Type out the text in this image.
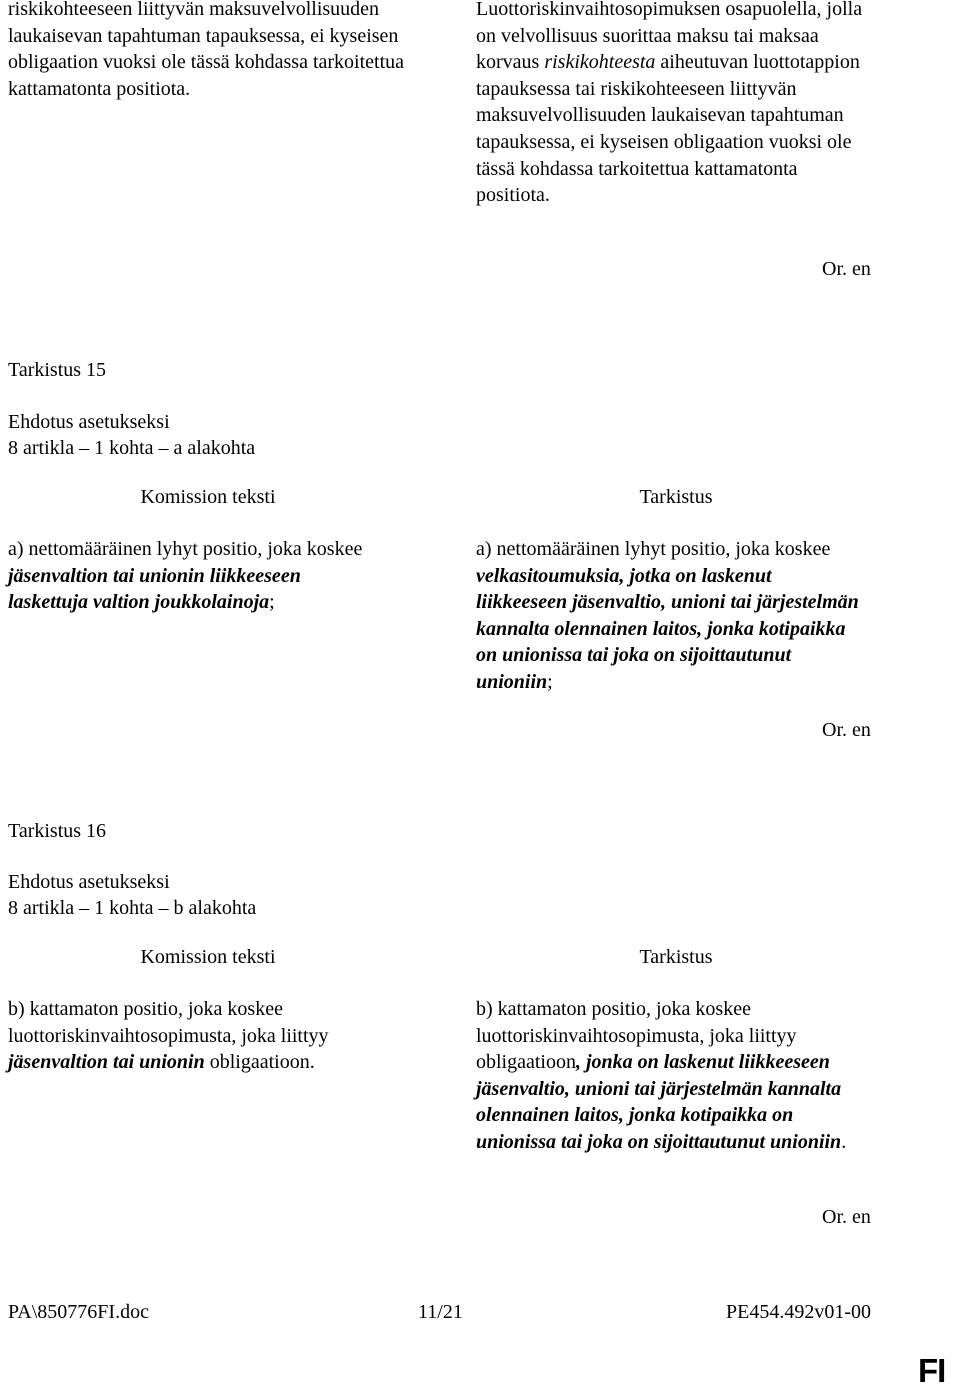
riskikohteeseen liittyvän maksuvelvollisuuden laukaisevan tapahtuman tapauksessa, ei kyseisen obligaation vuoksi ole tässä kohdassa tarkoitettua kattamatonta positiota.

Luottoriskinvaihtosopimuksen osapuolella, jolla on velvollisuus suorittaa maksu tai maksaa korvaus riskikohteesta aiheutuvan luottotappion tapauksessa tai riskikohteeseen liittyvän maksuvelvollisuuden laukaisevan tapahtuman tapauksessa, ei kyseisen obligaation vuoksi ole tässä kohdassa tarkoitettua kattamatonta positiota.

Or. en
Tarkistus 15
Ehdotus asetukseksi
8 artikla – 1 kohta – a alakohta
Komission teksti	Tarkistus

a) nettomääräinen lyhyt positio, joka koskee jäsenvaltion tai unionin liikkeeseen laskettuja valtion joukkolainoja;

a) nettomääräinen lyhyt positio, joka koskee velkasitoumuksia, jotka on laskenut liikkeeseen jäsenvaltio, unioni tai järjestelmän kannalta olennainen laitos, jonka kotipaikka on unionissa tai joka on sijoittautunut unioniin;

Or. en
Tarkistus 16
Ehdotus asetukseksi
8 artikla – 1 kohta – b alakohta
Komission teksti	Tarkistus

b) kattamaton positio, joka koskee luottoriskinvaihtosopimusta, joka liittyy jäsenvaltion tai unionin obligaatioon.

b) kattamaton positio, joka koskee luottoriskinvaihtosopimusta, joka liittyy obligaatioon, jonka on laskenut liikkeeseen jäsenvaltio, unioni tai järjestelmän kannalta olennainen laitos, jonka kotipaikka on unionissa tai joka on sijoittautunut unioniin.

Or. en
PA\850776FI.doc	11/21	PE454.492v01-00
FI
